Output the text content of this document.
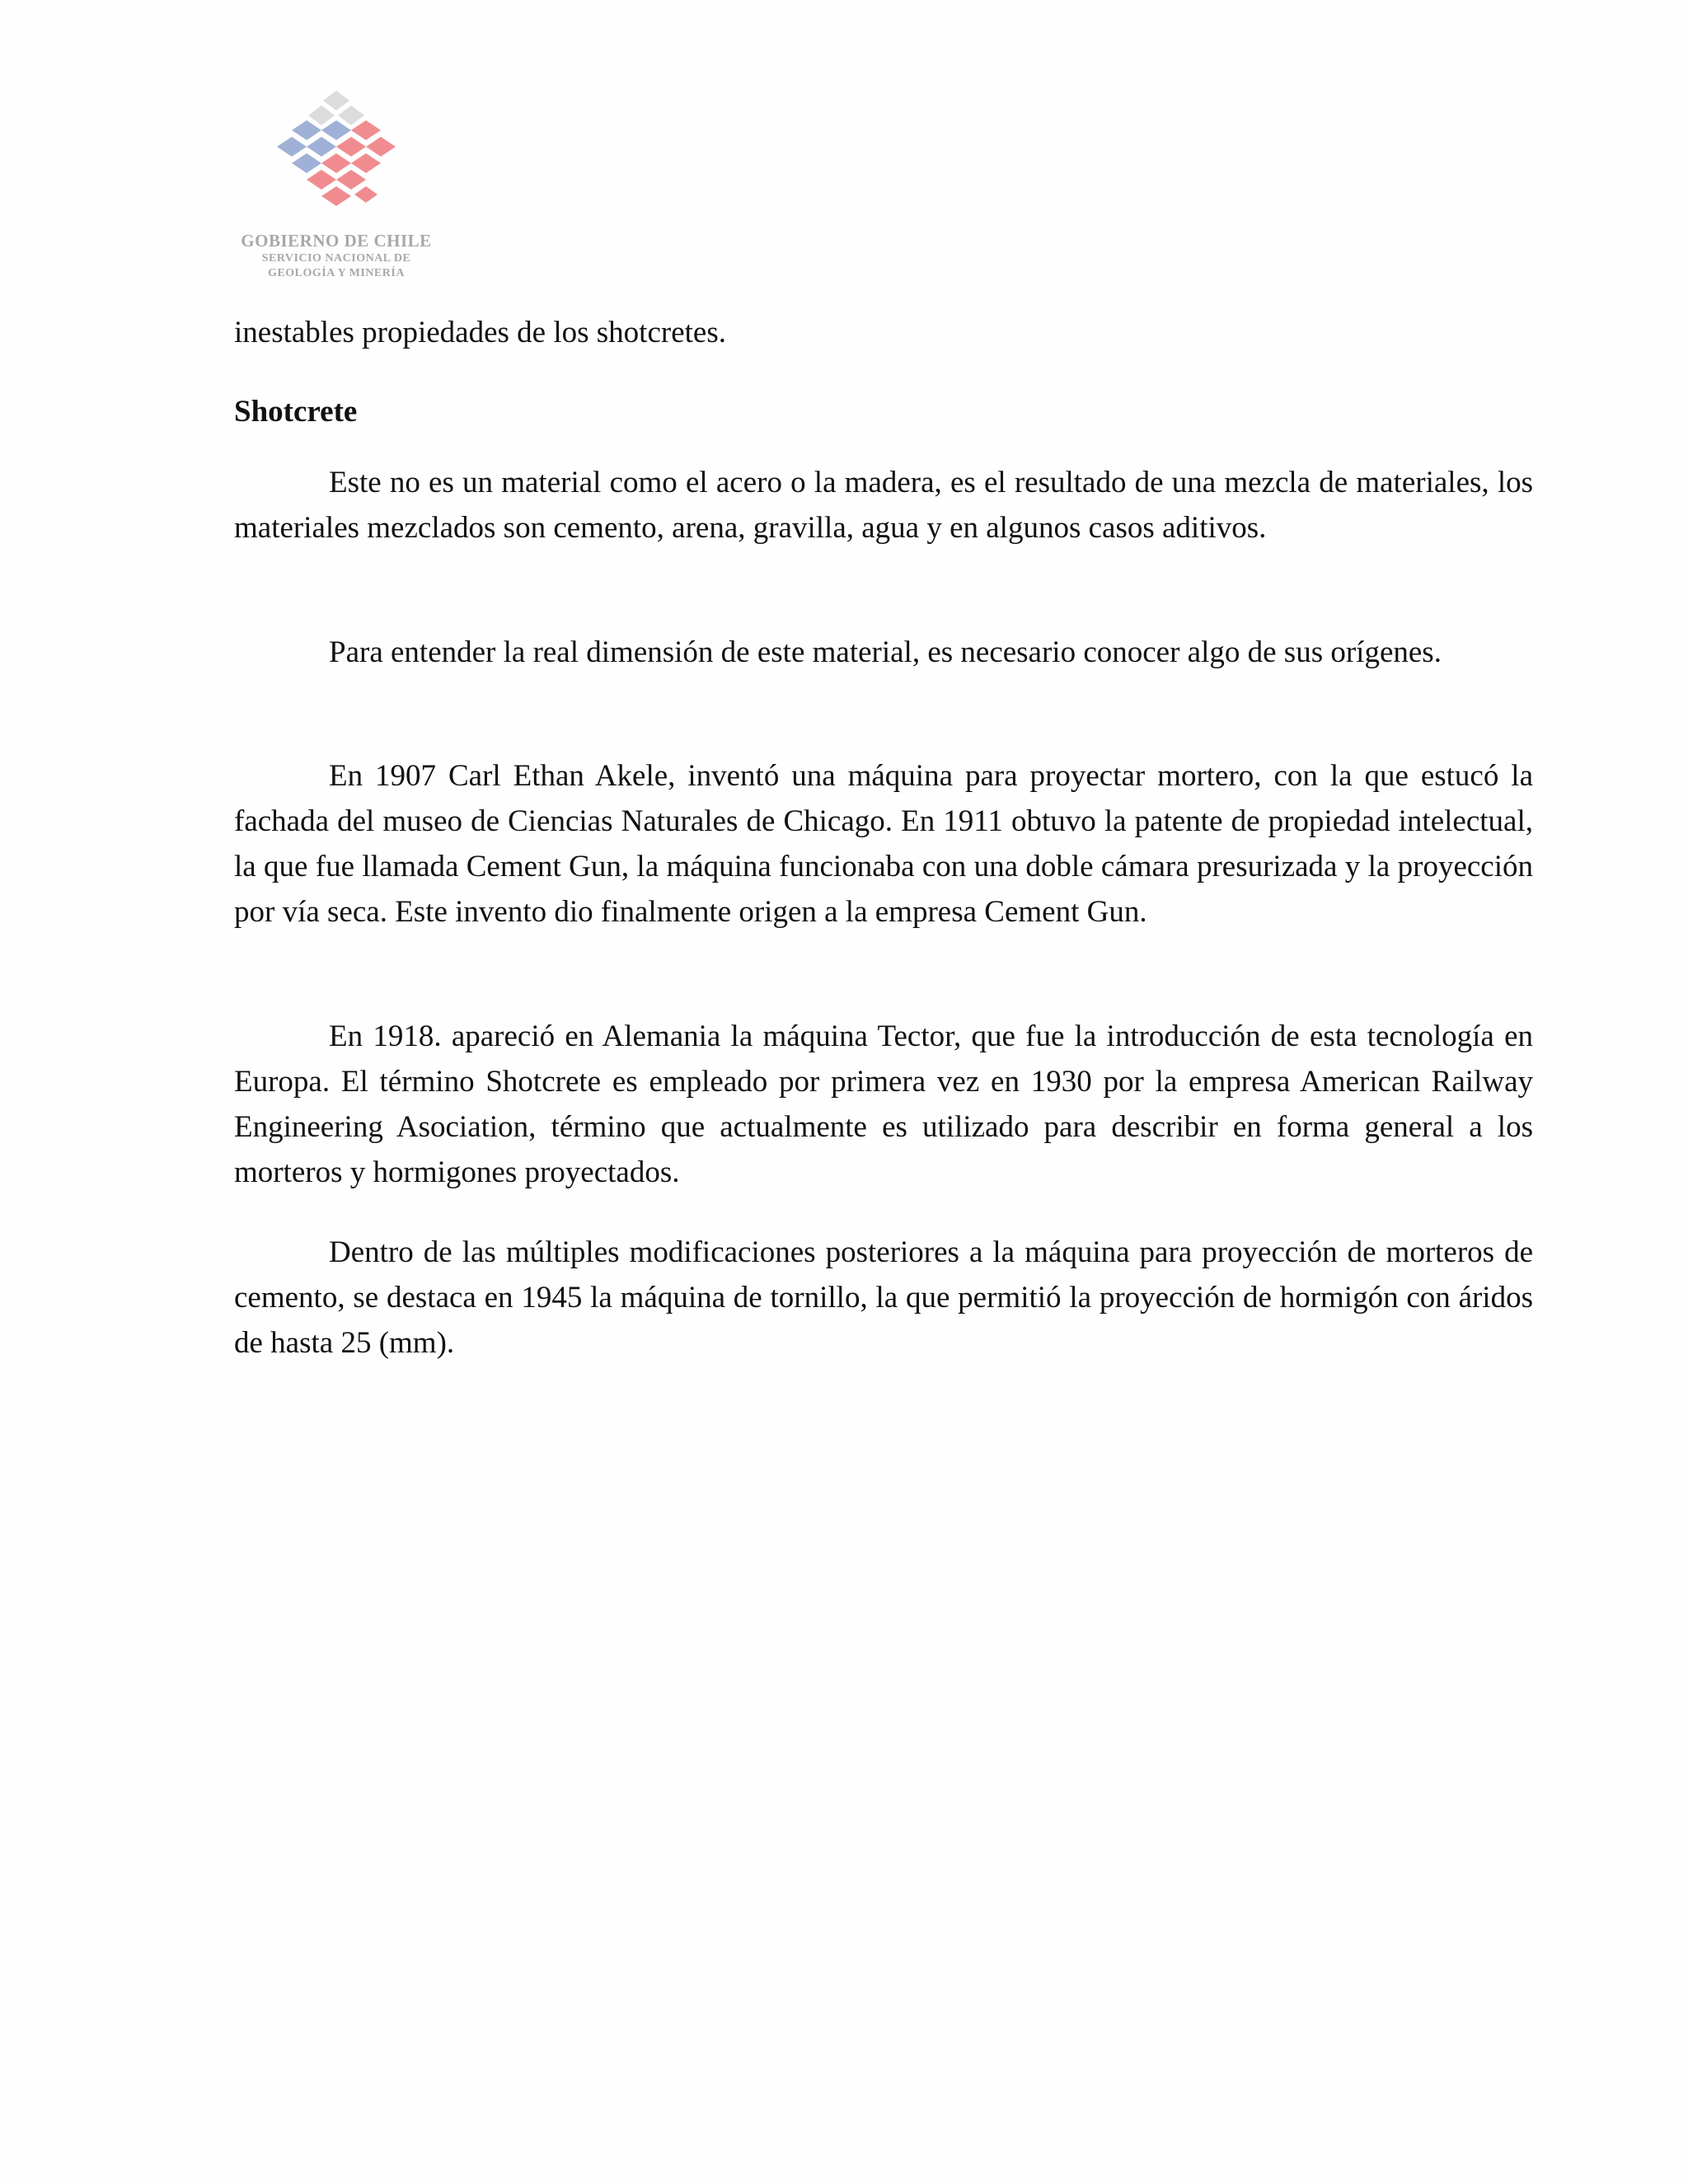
GOBIERNO DE CHILE
SERVICIO NACIONAL DE
GEOLOGÍA Y MINERÍA
inestables propiedades de los shotcretes.
Shotcrete

Este no es un material como el acero o la madera, es el resultado de una mezcla de materiales, los materiales mezclados son cemento, arena, gravilla, agua y en algunos casos aditivos.

Para entender la real dimensión de este material, es necesario conocer algo de sus orígenes.

En 1907 Carl Ethan Akele, inventó una máquina para proyectar mortero, con la que estucó la fachada del museo de Ciencias Naturales de Chicago. En 1911 obtuvo la patente de propiedad intelectual, la que fue llamada Cement Gun, la máquina funcionaba con una doble cámara presurizada y la proyección por vía seca. Este invento dio finalmente origen a la empresa Cement Gun.

En 1918. apareció en Alemania la máquina Tector, que fue la introducción de esta tecnología en Europa. El término Shotcrete es empleado por primera vez en 1930 por la empresa American Railway Engineering Asociation, término que actualmente es utilizado para describir en forma general a los morteros y hormigones proyectados.

Dentro de las múltiples modificaciones posteriores a la máquina para proyección de morteros de cemento, se destaca en 1945 la máquina de tornillo, la que permitió la proyección de hormigón con áridos de hasta 25 (mm).
